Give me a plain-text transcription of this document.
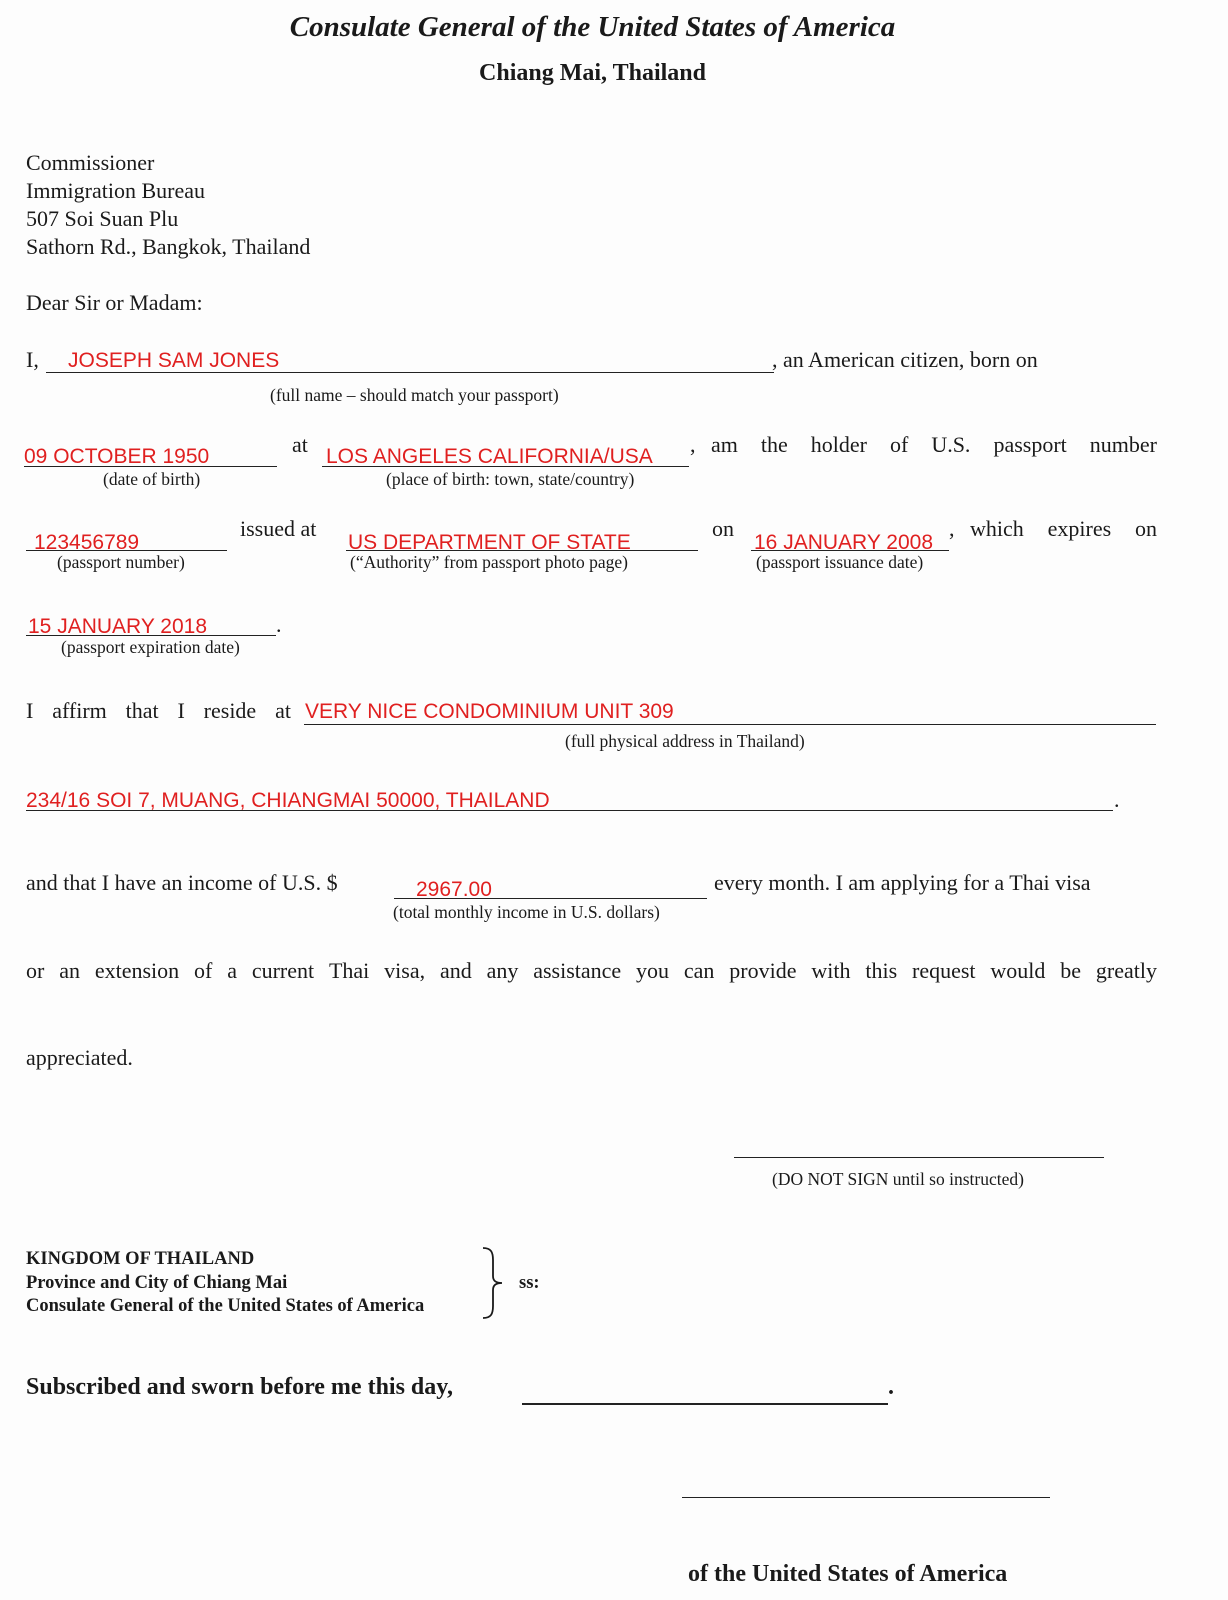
Consulate General of the United States of America
Chiang Mai, Thailand
Commissioner
Immigration Bureau
507 Soi Suan Plu
Sathorn Rd., Bangkok, Thailand
Dear Sir or Madam:
I, JOSEPH SAM JONES	, an American citizen, born on
(full name – should match your passport)
09 OCTOBER 1950
(date of birth)
at LOS ANGELES CALIFORNIA/USA ,
(place of birth: town, state/country)
am the holder of U.S. passport number
123456789
(passport number)
issued at
US DEPARTMENT OF STATE
(“Authority” from passport photo page)
on
16 JANUARY 2008
,
(passport issuance date)
which expires on
15 JANUARY 2018	.
(passport expiration date)
I affirm that I reside at VERY NICE CONDOMINIUM UNIT 309
(full physical address in Thailand)
234/16 SOI 7, MUANG, CHIANGMAI 50000, THAILAND	.
and that I have an income of U.S. $	2967.00	every month. I am applying for a Thai visa
(total monthly income in U.S. dollars)
or an extension of a current Thai visa, and any assistance you can provide with this request would be greatly
appreciated.
(DO NOT SIGN until so instructed)
KINGDOM OF THAILAND
Province and City of Chiang Mai
Consulate General of the United States of America
ss:
Subscribed and sworn before me this day,	.
of the United States of America
